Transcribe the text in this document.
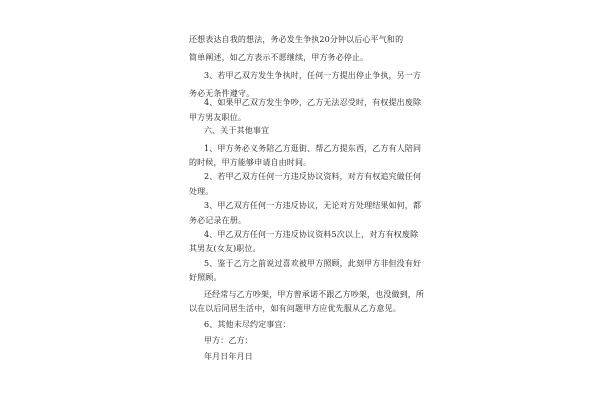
还想表达自我的想法，务必发生争执20分钟以后心平气和的
简单阐述，如乙方表示不愿继续，甲方务必停止。
3、若甲乙双方发生争执时，任何一方提出停止争执，另一方
务必无条件遵守。
4、如果甲乙双方发生争吵，乙方无法忍受时，有权提出废除
甲方男友职位。
六、关于其他事宜
1、甲方务必义务陪乙方逛街、帮乙方提东西，乙方有人陪同
的时候，甲方能够申请自由时间。
2、若甲乙双方任何一方违反协议资料，对方有权追究做任何
处理。
3、甲乙双方任何一方违反协议，无论对方处理结果如何，都
务必记录在册。
4、甲乙双方任何一方违反协议资料5次以上，对方有权废除
其男友(女友)职位。
5、鉴于乙方之前说过喜欢被甲方照顾，此刻甲方非但没有好
好照顾。
还经常与乙方吵架，甲方曾承诺不跟乙方吵架，也没做到，所
以在以后同居生活中，如有问题甲方应优先服从乙方意见。
6、其他未尽约定事宜：
甲方：乙方：
年月日年月日
